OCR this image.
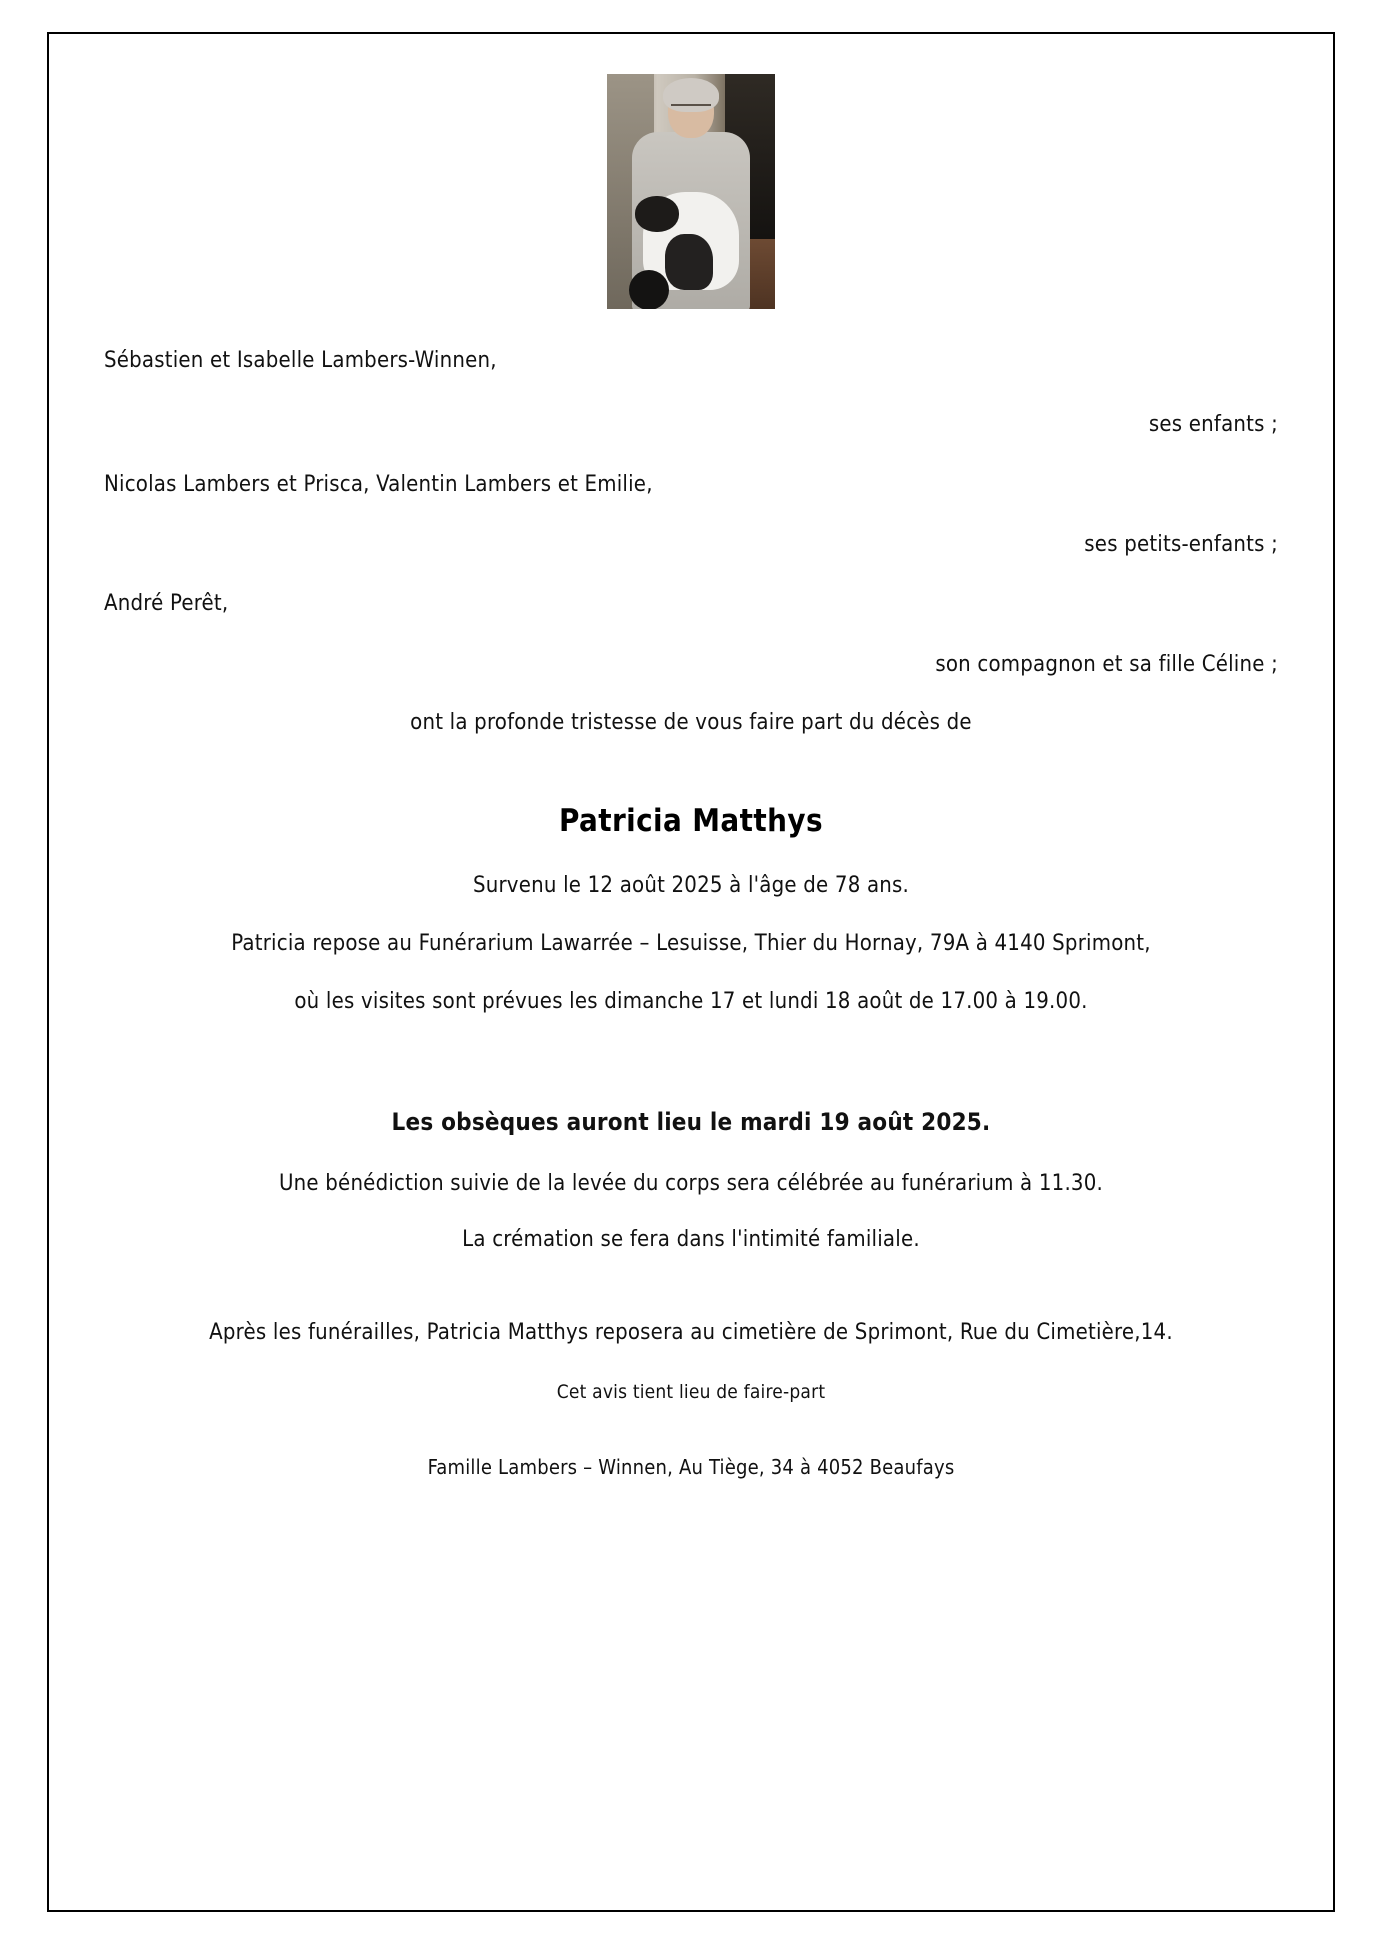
Sébastien et Isabelle Lambers-Winnen,
ses enfants ;
Nicolas Lambers et Prisca, Valentin Lambers et Emilie,
ses petits-enfants ;
André Perêt,
son compagnon et sa fille Céline ;
ont la profonde tristesse de vous faire part du décès de
Patricia Matthys
Survenu le 12 août 2025 à l'âge de 78 ans.
Patricia repose au Funérarium Lawarrée – Lesuisse, Thier du Hornay, 79A à 4140 Sprimont,
où les visites sont prévues les dimanche 17 et lundi 18 août de 17.00 à 19.00.
Les obsèques auront lieu le mardi 19 août 2025.
Une bénédiction suivie de la levée du corps sera célébrée au funérarium à 11.30.
La crémation se fera dans l'intimité familiale.
Après les funérailles, Patricia Matthys reposera au cimetière de Sprimont, Rue du Cimetière,14.
Cet avis tient lieu de faire-part
Famille Lambers – Winnen, Au Tiège, 34 à 4052 Beaufays
